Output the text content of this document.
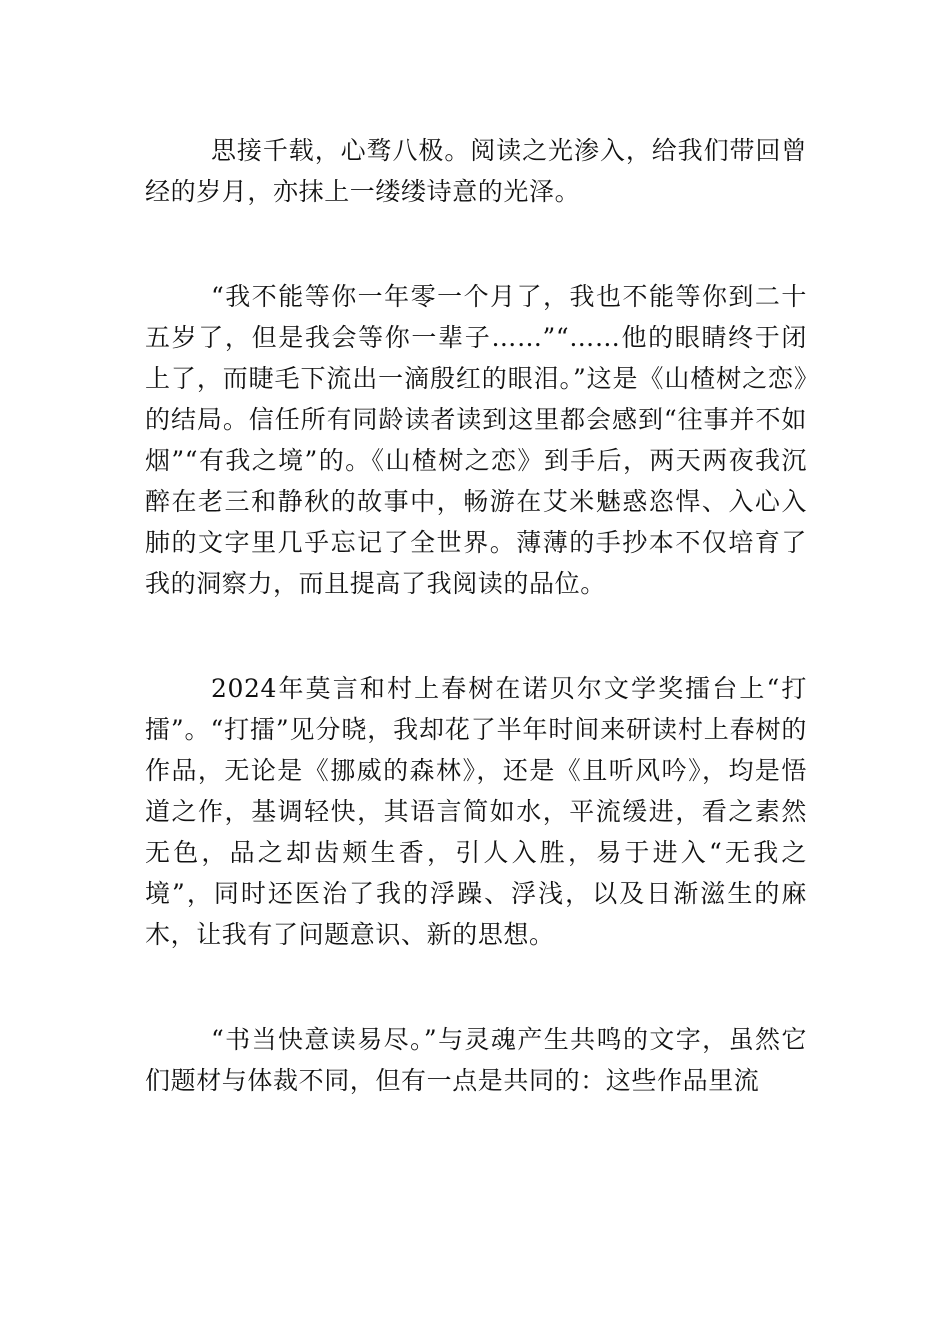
思接千载，心骛八极。阅读之光渗入，给我们带回曾经的岁月，亦抹上一缕缕诗意的光泽。

“我不能等你一年零一个月了，我也不能等你到二十五岁了，但是我会等你一辈子……”“……他的眼睛终于闭上了，而睫毛下流出一滴殷红的眼泪。”这是《山楂树之恋》的结局。信任所有同龄读者读到这里都会感到“往事并不如烟”“有我之境”的。《山楂树之恋》到手后，两天两夜我沉醉在老三和静秋的故事中，畅游在艾米魅惑恣悍、入心入肺的文字里几乎忘记了全世界。薄薄的手抄本不仅培育了我的洞察力，而且提高了我阅读的品位。

2024年莫言和村上春树在诺贝尔文学奖擂台上“打擂”。“打擂”见分晓，我却花了半年时间来研读村上春树的作品，无论是《挪威的森林》，还是《且听风吟》，均是悟道之作，基调轻快，其语言简如水，平流缓进，看之素然无色，品之却齿颊生香，引人入胜，易于进入“无我之境”，同时还医治了我的浮躁、浮浅，以及日渐滋生的麻木，让我有了问题意识、新的思想。

“书当快意读易尽。”与灵魂产生共鸣的文字，虽然它们题材与体裁不同，但有一点是共同的：这些作品里流
